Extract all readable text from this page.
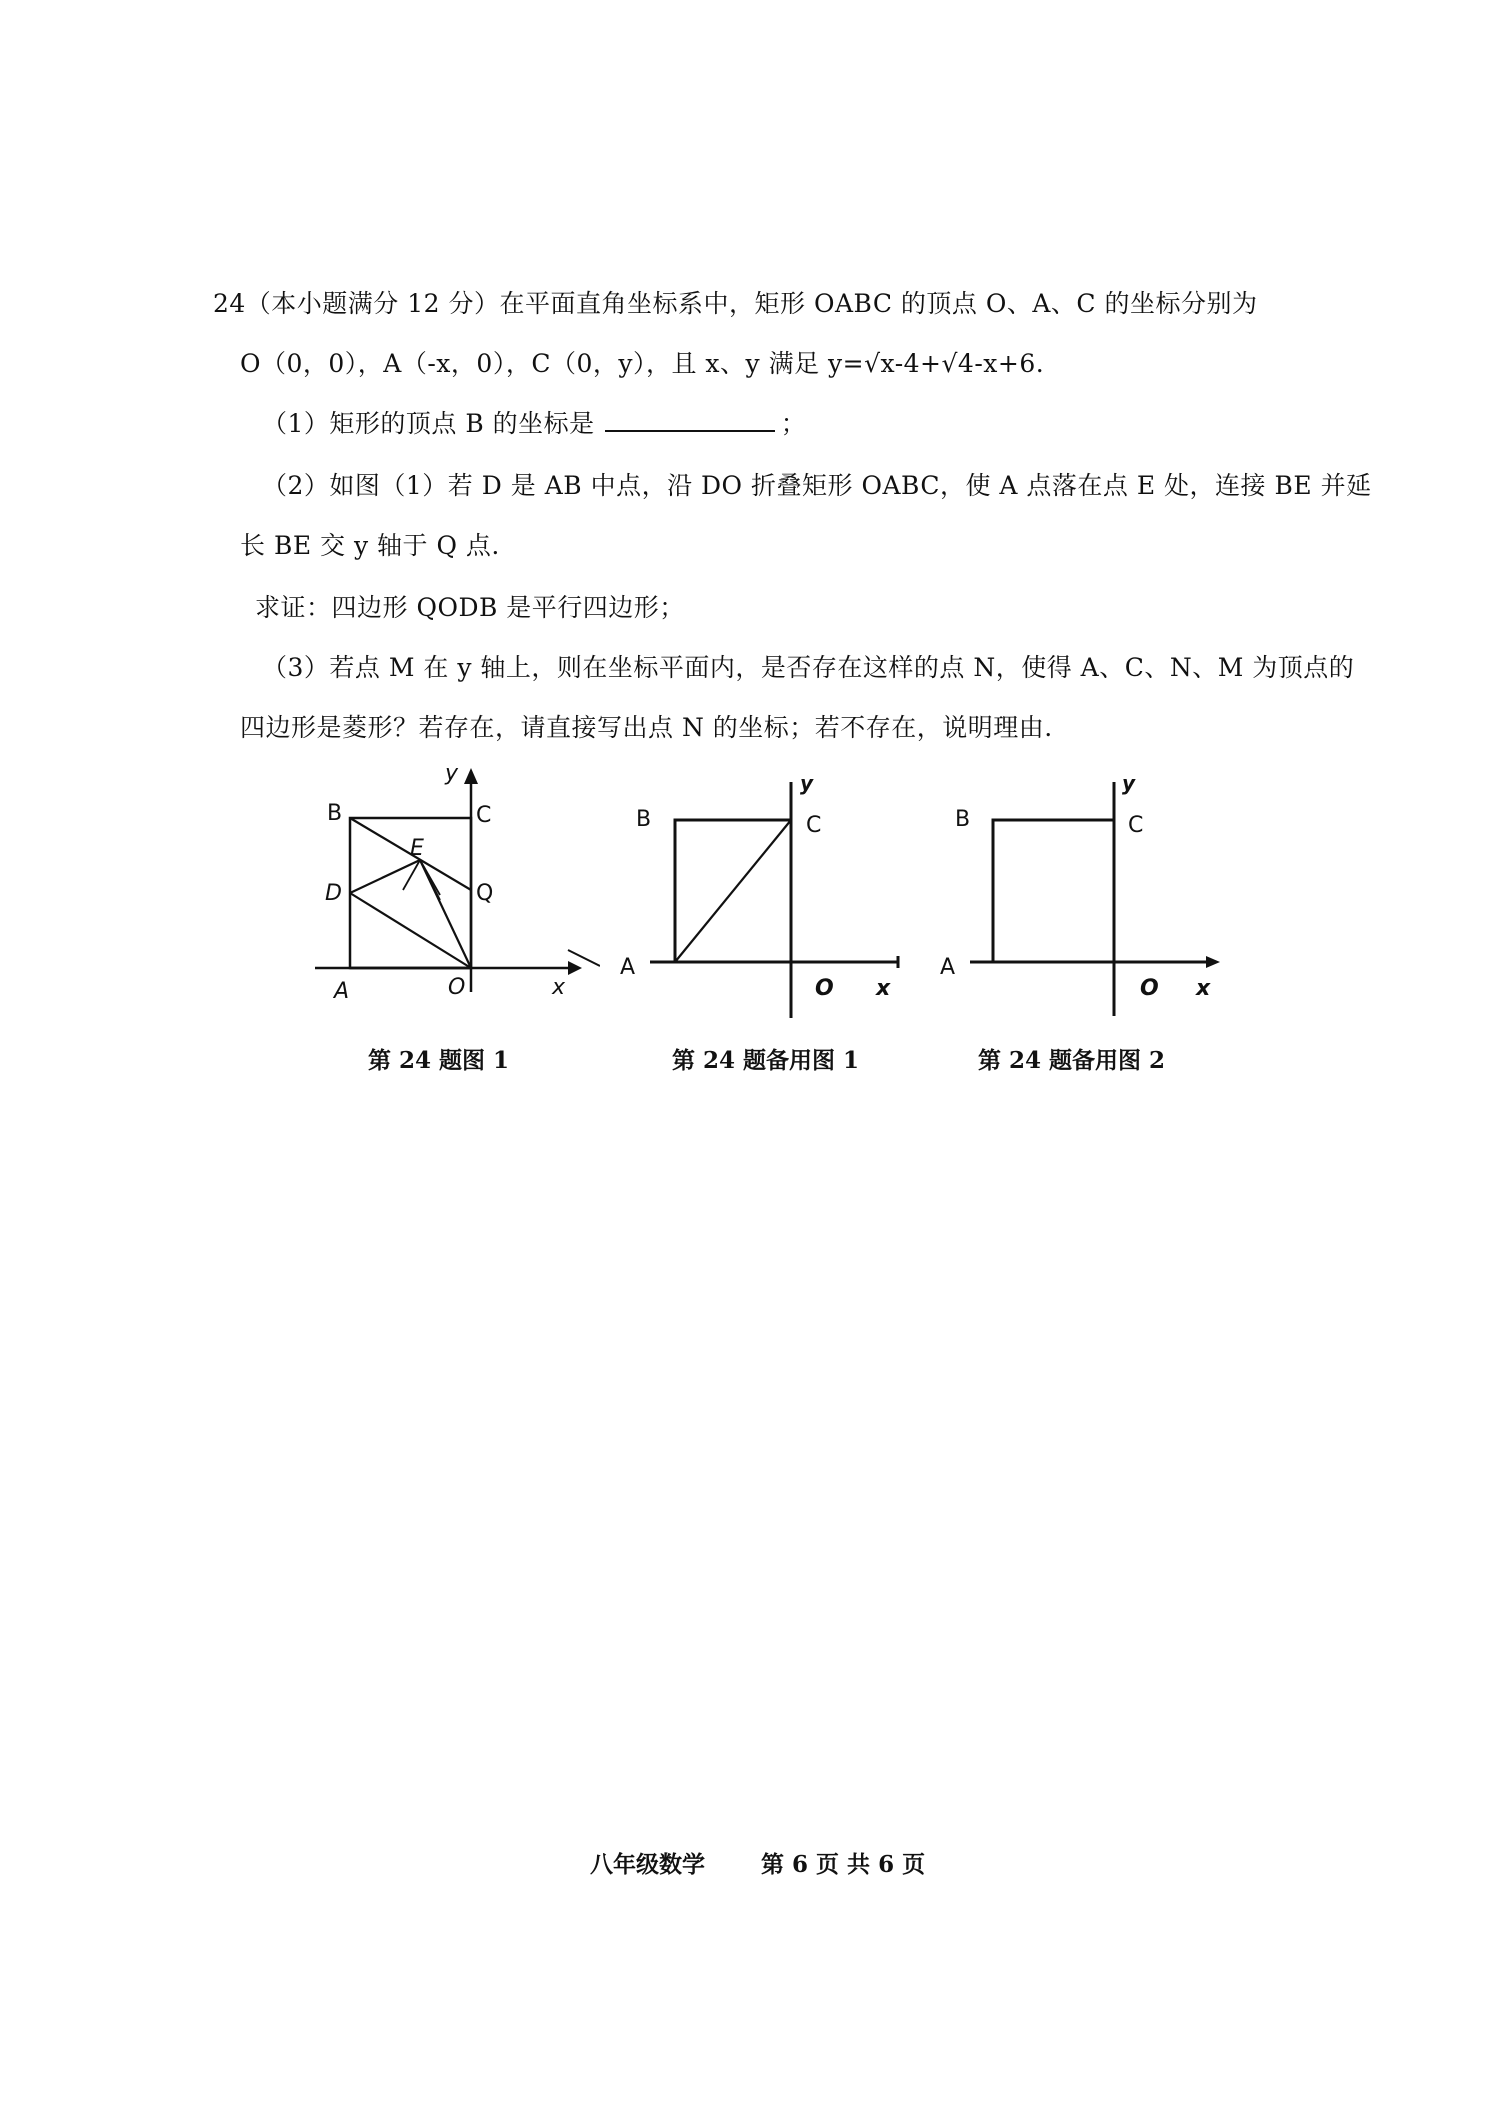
24（本小题满分 12 分）在平面直角坐标系中，矩形 OABC 的顶点 O、A、C 的坐标分别为
O（0，0），A（-x，0），C（0，y），且 x、y 满足 y=√x-4+√4-x+6.
（1）矩形的顶点 B 的坐标是	；
（2）如图（1）若 D 是 AB 中点，沿 DO 折叠矩形 OABC，使 A 点落在点 E 处，连接 BE 并延
长 BE 交 y 轴于 Q 点.
求证：四边形 QODB 是平行四边形；
（3）若点 M 在 y 轴上，则在坐标平面内，是否存在这样的点 N，使得 A、C、N、M 为顶点的
四边形是菱形？若存在，请直接写出点 N 的坐标；若不存在，说明理由.
B	C
E
D	Q
A	O	x
y
第 24 题图 1
B	C
A
O x
y
第 24 题备用图 1
B	C
A
O x
y
第 24 题备用图 2
八年级数学 第 6 页 共 6 页
